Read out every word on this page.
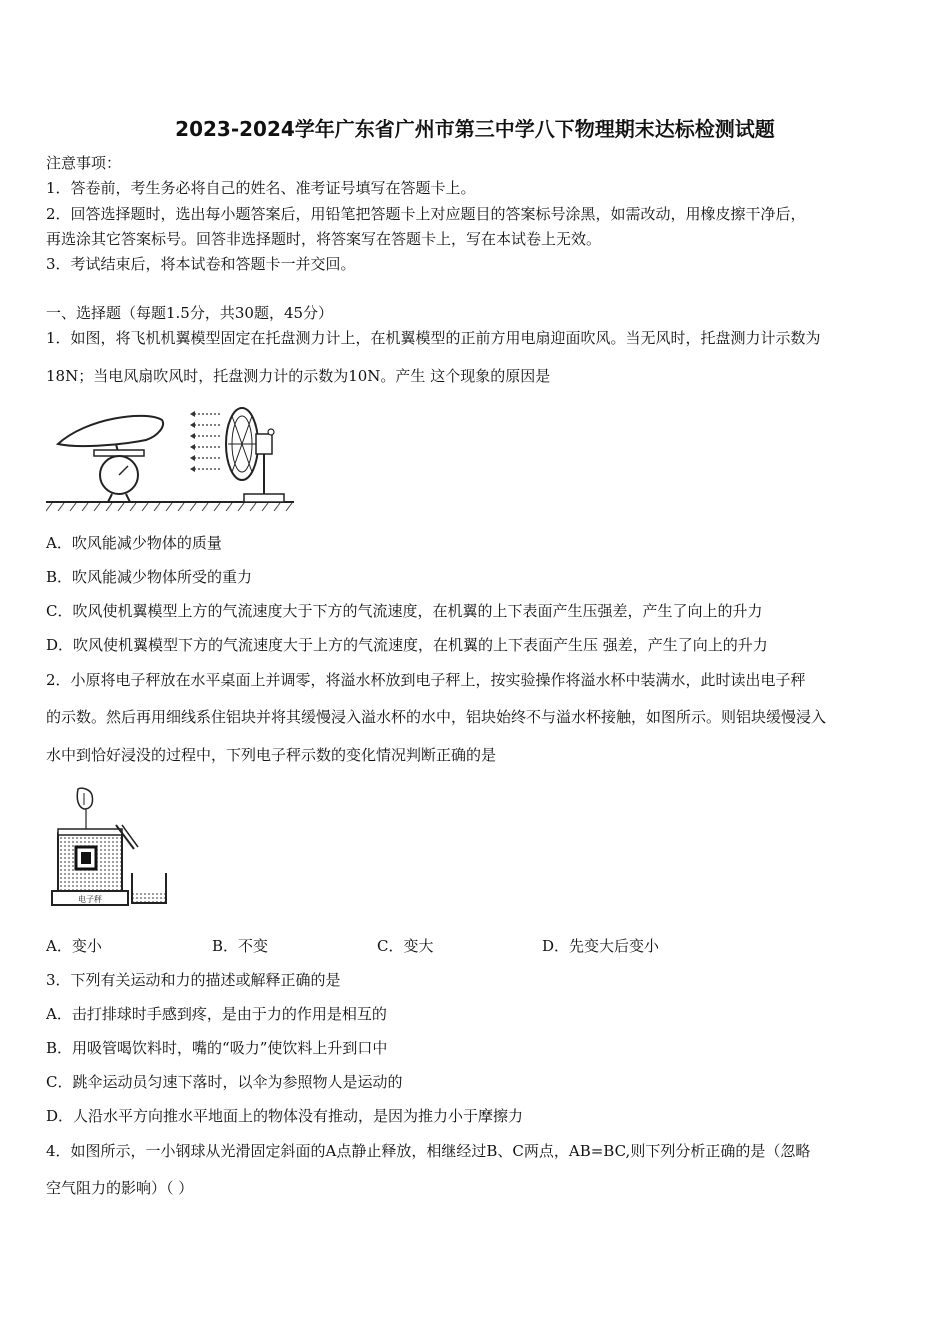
2023-2024学年广东省广州市第三中学八下物理期末达标检测试题
注意事项：
1．答卷前，考生务必将自己的姓名、准考证号填写在答题卡上。
2．回答选择题时，选出每小题答案后，用铅笔把答题卡上对应题目的答案标号涂黑，如需改动，用橡皮擦干净后，
再选涂其它答案标号。回答非选择题时，将答案写在答题卡上，写在本试卷上无效。
3．考试结束后，将本试卷和答题卡一并交回。
一、选择题（每题1.5分，共30题，45分）
1．如图，将飞机机翼模型固定在托盘测力计上，在机翼模型的正前方用电扇迎面吹风。当无风时，托盘测力计示数为
18N；当电风扇吹风时，托盘测力计的示数为10N。产生 这个现象的原因是
A．吹风能减少物体的质量
B．吹风能减少物体所受的重力
C．吹风使机翼模型上方的气流速度大于下方的气流速度，在机翼的上下表面产生压强差，产生了向上的升力
D．吹风使机翼模型下方的气流速度大于上方的气流速度，在机翼的上下表面产生压 强差，产生了向上的升力
2．小原将电子秤放在水平桌面上并调零，将溢水杯放到电子秤上，按实验操作将溢水杯中装满水，此时读出电子秤
的示数。然后再用细线系住铝块并将其缓慢浸入溢水杯的水中，铝块始终不与溢水杯接触，如图所示。则铝块缓慢浸入
水中到恰好浸没的过程中，下列电子秤示数的变化情况判断正确的是
电子秤
A．变小	B．不变	C．变大	D．先变大后变小
3．下列有关运动和力的描述或解释正确的是
A．击打排球时手感到疼，是由于力的作用是相互的
B．用吸管喝饮料时，嘴的“吸力”使饮料上升到口中
C．跳伞运动员匀速下落时，以伞为参照物人是运动的
D．人沿水平方向推水平地面上的物体没有推动，是因为推力小于摩擦力
4．如图所示，一小钢球从光滑固定斜面的A点静止释放，相继经过B、C两点，AB=BC,则下列分析正确的是（忽略
空气阻力的影响）（ ）
